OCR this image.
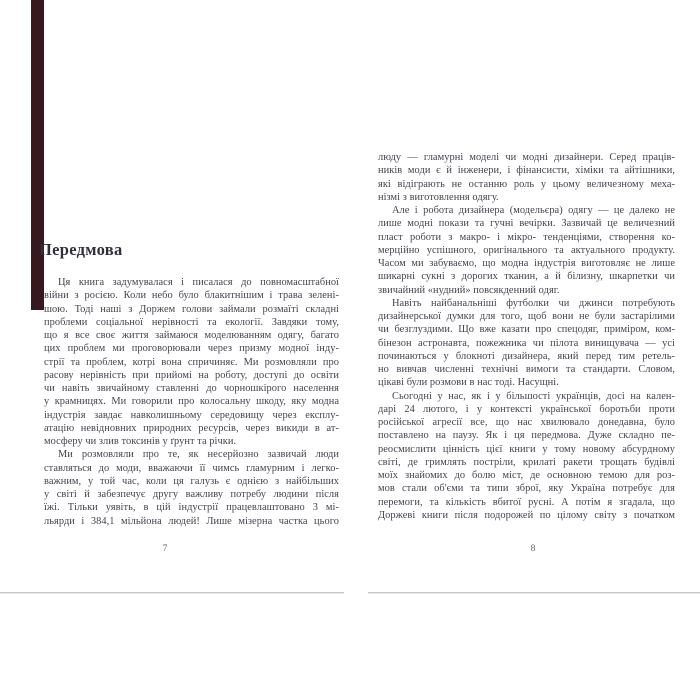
Передмова
Ця книга задумувалася і писалася до повномасштабної
війни з росією. Коли небо було блакитнішим і трава зелені-
шою. Тоді наші з Доржем голови займали розмаїті складні
проблеми соціальної нерівності та екології. Завдяки тому,
що я все своє життя займаюся моделюванням одягу, багато
цих проблем ми проговорювали через призму модної інду-
стрії та проблем, котрі вона спричиняє. Ми розмовляли про
расову нерівність при прийомі на роботу, доступі до освіти
чи навіть звичайному ставленні до чорношкірого населення
у крамницях. Ми говорили про колосальну шкоду, яку модна
індустрія завдає навколишньому середовищу через експлу-
атацію невідновних природних ресурсів, через викиди в ат-
мосферу чи злив токсинів у ґрунт та річки.
Ми розмовляли про те, як несерйозно зазвичай люди
ставляться до моди, вважаючи її чимсь гламурним і легко-
важним, у той час, коли ця галузь є однією з найбільших
у світі й забезпечує другу важливу потребу людини після
їжі. Тільки уявіть, в цій індустрії працевлаштовано 3 мі-
льярди і 384,1 мільйона людей! Лише мізерна частка цього
люду — гламурні моделі чи модні дизайнери. Серед праців-
ників моди є й інженери, і фінансисти, хіміки та айтішники,
які відіграють не останню роль у цьому величезному меха-
нізмі з виготовлення одягу.
Але і робота дизайнера (модельєра) одягу — це далеко не
лише модні покази та гучні вечірки. Зазвичай це величезний
пласт роботи з макро- і мікро- тенденціями, створення ко-
мерційно успішного, оригінального та актуального продукту.
Часом ми забуваємо, що модна індустрія виготовляє не лише
шикарні сукні з дорогих тканин, а й білизну, шкарпетки чи
звичайний «нудний» повсякденний одяг.
Навіть найбанальніші футболки чи джинси потребують
дизайнерської думки для того, щоб вони не були застарілими
чи безглуздими. Що вже казати про спецодяг, приміром, ком-
бінезон астронавта, пожежника чи пілота винищувача — усі
починаються у блокноті дизайнера, який перед тим ретель-
но вивчав численні технічні вимоги та стандарти. Словом,
цікаві були розмови в нас тоді. Насущні.
Сьогодні у нас, як і у більшості українців, досі на кален-
дарі 24 лютого, і у контексті української боротьби проти
російської агресії все, що нас хвилювало донедавна, було
поставлено на паузу. Як і ця передмова. Дуже складно пе-
реосмислити цінність цієї книги у тому новому абсурдному
світі, де гримлять постріли, крилаті ракети трощать будівлі
моїх знайомих до болю міст, де основною темою для роз-
мов стали об'єми та типи зброї, яку Україна потребує для
перемоги, та кількість вбитої русні. А потім я згадала, що
Доржеві книги після подорожей по цілому світу з початком
7	8
